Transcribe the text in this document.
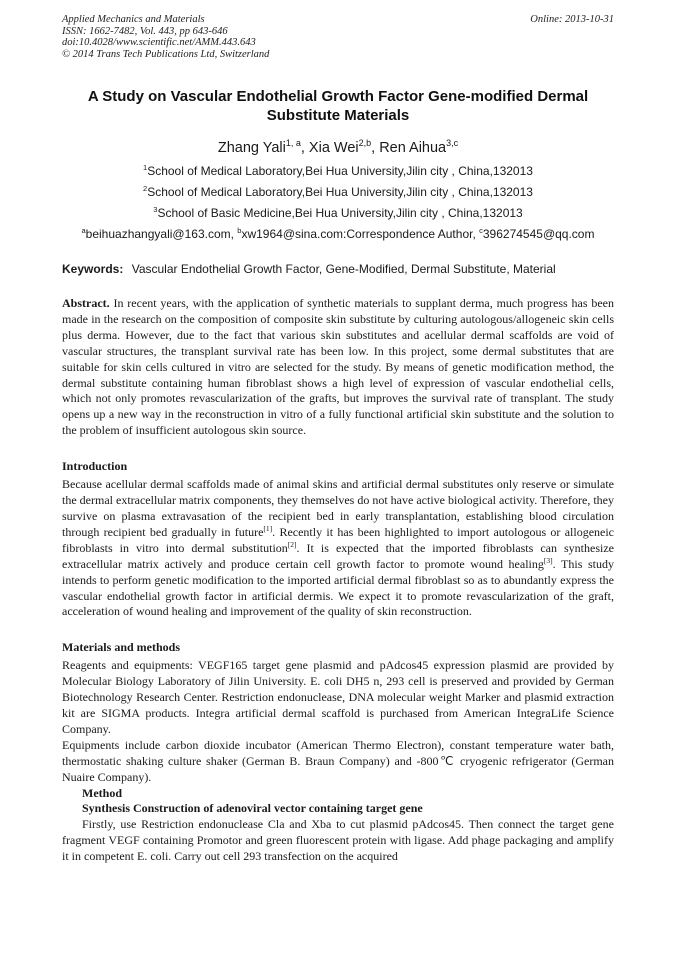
Applied Mechanics and Materials
ISSN: 1662-7482, Vol. 443, pp 643-646
doi:10.4028/www.scientific.net/AMM.443.643
© 2014 Trans Tech Publications Ltd, Switzerland
Online: 2013-10-31
A Study on Vascular Endothelial Growth Factor Gene-modified Dermal Substitute Materials
Zhang Yali$^{1, a}$, Xia Wei$^{2,b}$, Ren Aihua$^{3,c}$
$^1$School of Medical Laboratory,Bei Hua University,Jilin city , China,132013
$^2$School of Medical Laboratory,Bei Hua University,Jilin city , China,132013
$^3$School of Basic Medicine,Bei Hua University,Jilin city , China,132013
$^a$beihuazhangyali@163.com, $^b$xw1964@sina.com:Correspondence Author, $^c$396274545@qq.com
Keywords: Vascular Endothelial Growth Factor, Gene-Modified, Dermal Substitute, Material

Abstract. In recent years, with the application of synthetic materials to supplant derma, much progress has been made in the research on the composition of composite skin substitute by culturing autologous/allogeneic skin cells plus derma. However, due to the fact that various skin substitutes and acellular dermal scaffolds are void of vascular structures, the transplant survival rate has been low. In this project, some dermal substitutes that are suitable for skin cells cultured in vitro are selected for the study. By means of genetic modification method, the dermal substitute containing human fibroblast shows a high level of expression of vascular endothelial cells, which not only promotes revascularization of the grafts, but improves the survival rate of transplant. The study opens up a new way in the reconstruction in vitro of a fully functional artificial skin substitute and the solution to the problem of insufficient autologous skin source.

Introduction

Because acellular dermal scaffolds made of animal skins and artificial dermal substitutes only reserve or simulate the dermal extracellular matrix components, they themselves do not have active biological activity. Therefore, they survive on plasma extravasation of the recipient bed in early transplantation, establishing blood circulation through recipient bed gradually in future[1]. Recently it has been highlighted to import autologous or allogeneic fibroblasts in vitro into dermal substitution[2]. It is expected that the imported fibroblasts can synthesize extracellular matrix actively and produce certain cell growth factor to promote wound healing[3]. This study intends to perform genetic modification to the imported artificial dermal fibroblast so as to abundantly express the vascular endothelial growth factor in artificial dermis. We expect it to promote revascularization of the graft, acceleration of wound healing and improvement of the quality of skin reconstruction.

Materials and methods

Reagents and equipments: VEGF165 target gene plasmid and pAdcos45 expression plasmid are provided by Molecular Biology Laboratory of Jilin University. E. coli DH5 n, 293 cell is preserved and provided by German Biotechnology Research Center. Restriction endonuclease, DNA molecular weight Marker and plasmid extraction kit are SIGMA products. Integra artificial dermal scaffold is purchased from American IntegraLife Science Company.

Equipments include carbon dioxide incubator (American Thermo Electron), constant temperature water bath, thermostatic shaking culture shaker (German B. Braun Company) and -800℃ cryogenic refrigerator (German Nuaire Company).

Method
Synthesis Construction of adenoviral vector containing target gene

Firstly, use Restriction endonuclease Cla and Xba to cut plasmid pAdcos45. Then connect the target gene fragment VEGF containing Promotor and green fluorescent protein with ligase. Add phage packaging and amplify it in competent E. coli. Carry out cell 293 transfection on the acquired
